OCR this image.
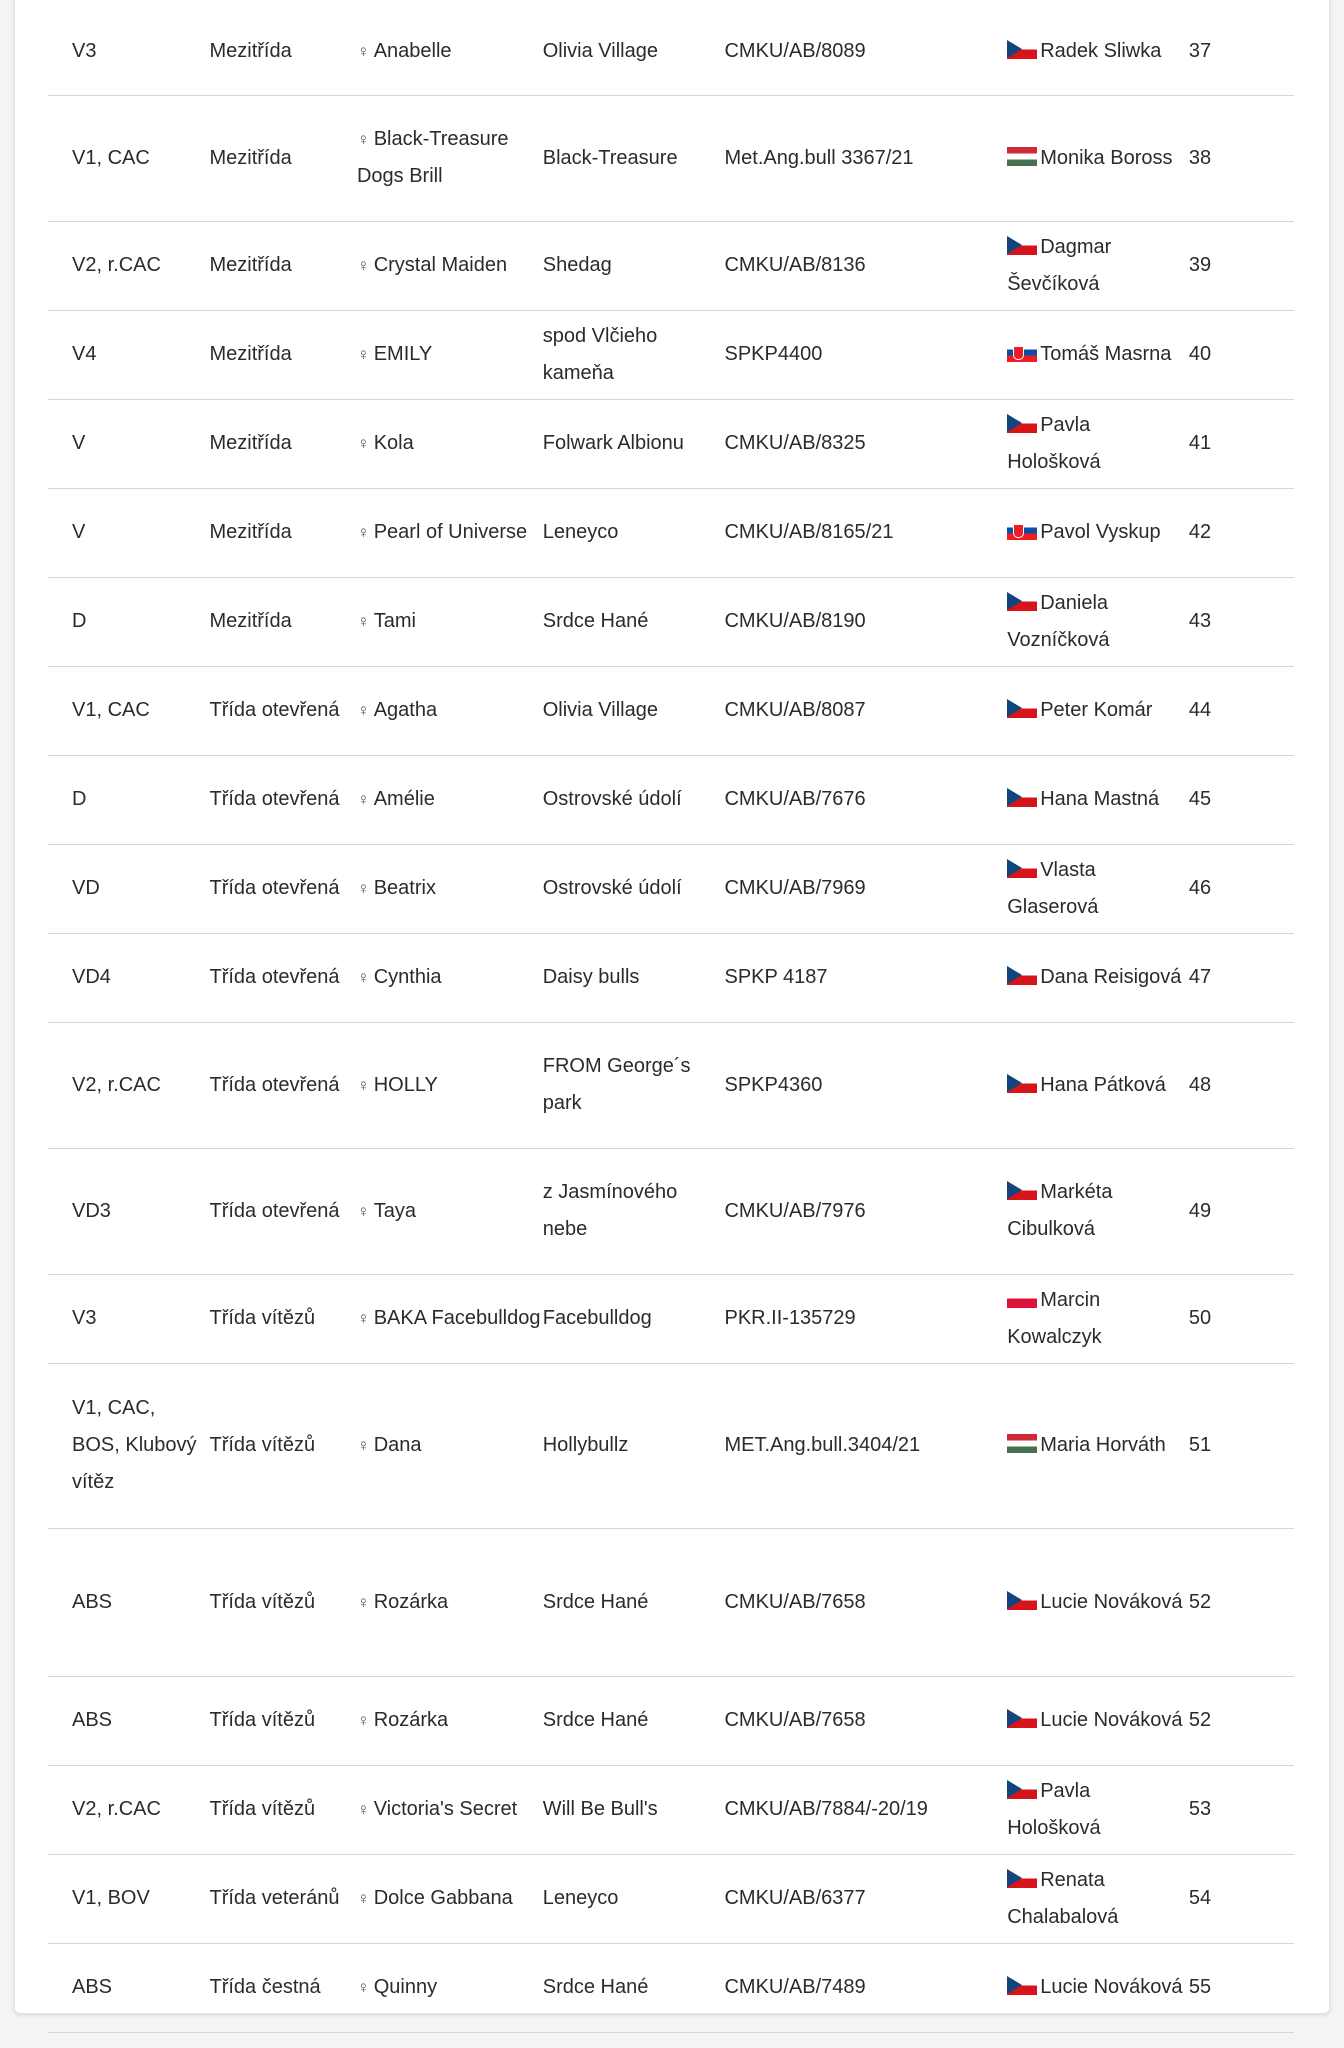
V3	Mezitřída	♀ Anabelle	Olivia Village	CMKU/AB/8089	Radek Sliwka	37
V1, CAC	Mezitřída	♀ Black-Treasure Dogs Brill	Black-Treasure	Met.Ang.bull 3367/21	Monika Boross	38
V2, r.CAC	Mezitřída	♀ Crystal Maiden	Shedag	CMKU/AB/8136	Dagmar Ševčíková	39
V4	Mezitřída	♀ EMILY	spod Vlčieho kameňa	SPKP4400	Tomáš Masrna	40
V	Mezitřída	♀ Kola	Folwark Albionu	CMKU/AB/8325	Pavla Hološková	41
V	Mezitřída	♀ Pearl of Universe	Leneyco	CMKU/AB/8165/21	Pavol Vyskup	42
D	Mezitřída	♀ Tami	Srdce Hané	CMKU/AB/8190	Daniela Vozníčková	43
V1, CAC	Třída otevřená	♀ Agatha	Olivia Village	CMKU/AB/8087	Peter Komár	44
D	Třída otevřená	♀ Amélie	Ostrovské údolí	CMKU/AB/7676	Hana Mastná	45
VD	Třída otevřená	♀ Beatrix	Ostrovské údolí	CMKU/AB/7969	Vlasta Glaserová	46
VD4	Třída otevřená	♀ Cynthia	Daisy bulls	SPKP 4187	Dana Reisigová	47
V2, r.CAC	Třída otevřená	♀ HOLLY	FROM George´s park	SPKP4360	Hana Pátková	48
VD3	Třída otevřená	♀ Taya	z Jasmínového nebe	CMKU/AB/7976	Markéta Cibulková	49
V3	Třída vítězů	♀ BAKA Facebulldog	Facebulldog	PKR.II-135729	Marcin Kowalczyk	50
V1, CAC, BOS, Klubový vítěz	Třída vítězů	♀ Dana	Hollybullz	MET.Ang.bull.3404/21	Maria Horváth	51
ABS	Třída vítězů	♀ Rozárka	Srdce Hané	CMKU/AB/7658	Lucie Nováková	52
ABS	Třída vítězů	♀ Rozárka	Srdce Hané	CMKU/AB/7658	Lucie Nováková	52
V2, r.CAC	Třída vítězů	♀ Victoria's Secret	Will Be Bull's	CMKU/AB/7884/-20/19	Pavla Hološková	53
V1, BOV	Třída veteránů	♀ Dolce Gabbana	Leneyco	CMKU/AB/6377	Renata Chalabalová	54
ABS	Třída čestná	♀ Quinny	Srdce Hané	CMKU/AB/7489	Lucie Nováková	55
